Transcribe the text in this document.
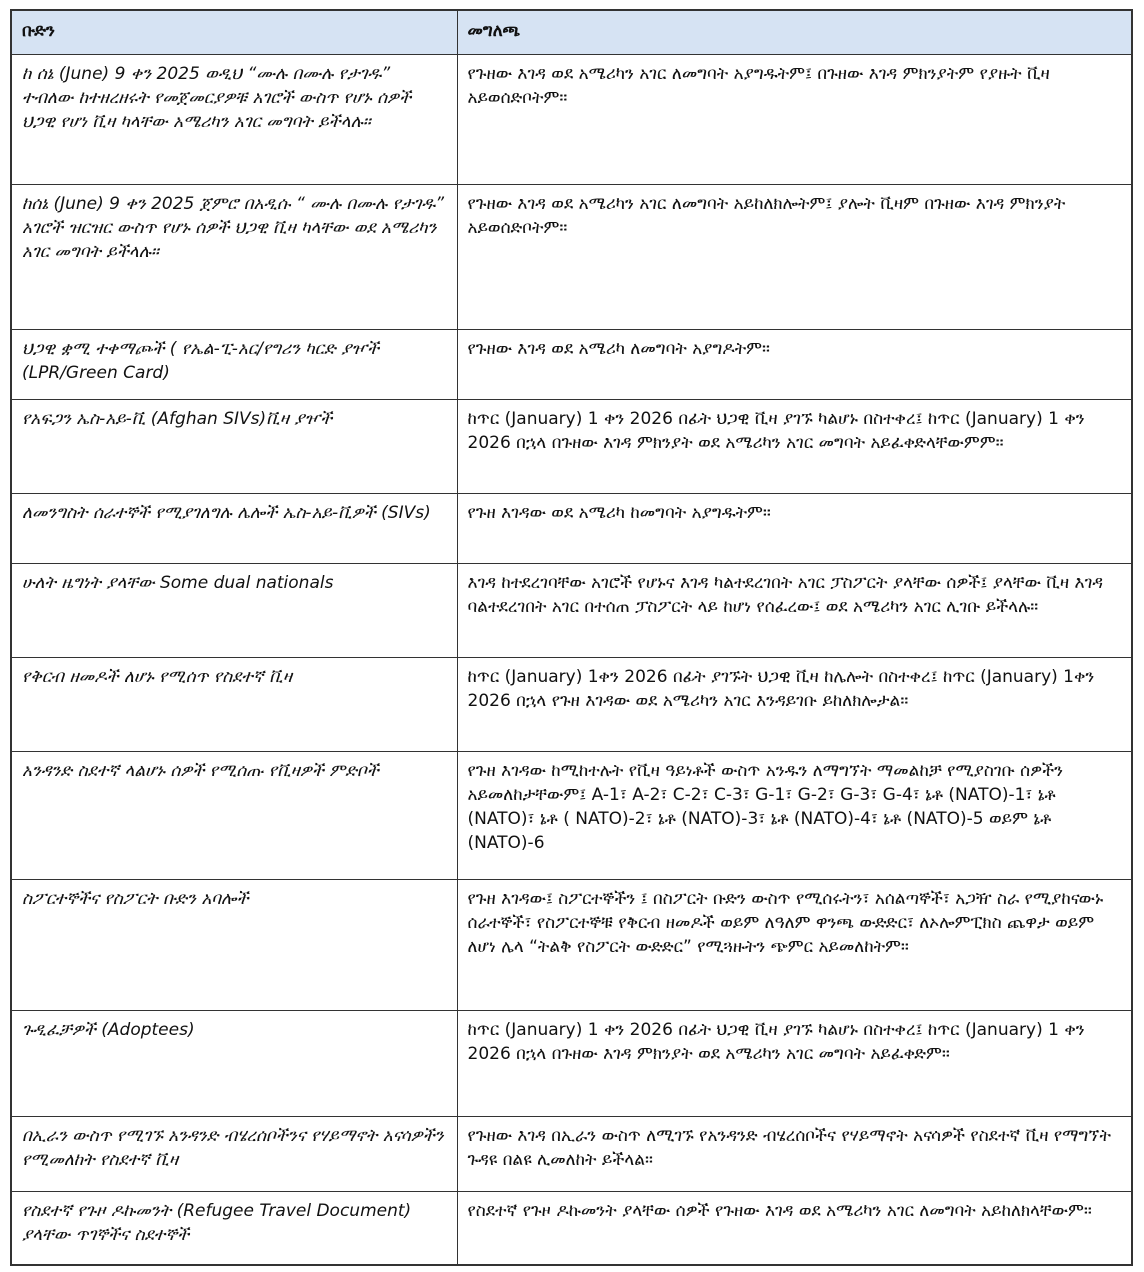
ቡድን	መግለጫ
ከ ሰኔ (June) 9 ቀን 2025 ወዲህ “ሙሉ በሙሉ የታገዱ” ተብለው ከተዘረዘሩት የመጀመርያዎቹ አገሮች ውስጥ የሆኑ ሰዎች ህጋዊ የሆነ ቪዛ ካላቸው አሜሪካን አገር መግባት ይችላሉ።	የጉዘው እገዳ ወደ አሜሪካን አገር ለመግባት አያግዱትም፤ በጉዘው እገዳ ምክንያትም የያዙት ቪዛ አይወሰድቦትም።
ከሰኔ (June) 9 ቀን 2025 ጀምሮ በአዲሱ “ ሙሉ በሙሉ የታገዱ” አገሮች ዝርዝር ውስጥ የሆኑ ሰዎች ህጋዊ ቪዛ ካላቸው ወደ አሜሪካን አገር መግባት ይችላሉ።	የጉዘው እገዳ ወደ አሜሪካን አገር ለመግባት አይከለክሎትም፤ ያሎት ቪዛም በጉዘው እገዳ ምክንያት አይወሰድቦትም።
ህጋዊ ቋሚ ተቀማጮች ( የኤል-ፒ-አር/የግሪን ካርድ ያዦች (LPR/Green Card)	የጉዘው እገዳ ወደ አሜሪካ ለመግባት አያግዶትም።
የአፍጋን ኤስ-አይ-ቪ (Afghan SIVs)ቪዛ ያዦች	ከጥር (January) 1 ቀን 2026 በፊት ህጋዊ ቪዛ ያገኙ ካልሆኑ በስተቀረ፤ ከጥር (January) 1 ቀን 2026 በኋላ በጉዘው እገዳ ምክንያት ወደ አሜሪካን አገር መግባት አይፈቀድላቸውምም።
ለመንግስት ሰራተኞች የሚያገለግሉ ሌሎች ኤስ-አይ-ቪዎች (SIVs)	የጉዘ እገዳው ወደ አሜሪካ ከመግባት አያግዱትም።
ሁለት ዜግነት ያላቸው Some dual nationals	እገዳ ከተደረገባቸው አገሮች የሆኑና እገዳ ካልተደረገበት አገር ፓስፖርት ያላቸው ሰዎች፤ ያላቸው ቪዛ እገዳ ባልተደረገበት አገር በተሰጠ ፓስፖርት ላይ ከሆነ የሰፈረው፤ ወደ አሜሪካን አገር ሊገቡ ይችላሉ።
የቅርብ ዘመዶች ለሆኑ የሚሰጥ የስደተኛ ቪዛ	ከጥር (January) 1ቀን 2026 በፊት ያገኙት ህጋዊ ቪዛ ከሌሎት በስተቀረ፤ ከጥር (January) 1ቀን 2026 በኋላ የጉዘ እገዳው ወደ አሜሪካን አገር እንዳይገቡ ይከለክሎታል።
አንዳንድ ስደተኛ ላልሆኑ ሰዎች የሚሰጡ የቪዛዎች ምድቦች	የጉዘ እገዳው ከሚከተሉት የቪዛ ዓይነቶች ውስጥ አንዱን ለማግኘት ማመልከቻ የሚያስገቡ ሰዎችን አይመለከታቸውም፤ A-1፣ A-2፣ C-2፣ C-3፣ G-1፣ G-2፣ G-3፣ G-4፣ ኔቶ (NATO)-1፣ ኔቶ (NATO)፣ ኔቶ ( NATO)-2፣ ኔቶ (NATO)-3፣ ኔቶ (NATO)-4፣ ኔቶ (NATO)-5 ወይም ኔቶ (NATO)-6
ስፖርተኞችና የስፖርት ቡድን አባሎች	የጉዘ እገዳው፤ ስፖርተኞችን ፤ በስፖርት ቡድን ውስጥ የሚሰሩትን፣ አሰልጣኞች፣ አጋዥ ስራ የሚያከናውኑ ሰራተኞች፣ የስፖርተኞቹ የቅርብ ዘመዶች ወይም ለዓለም ዋንጫ ውድድር፣ ለኦሎምፒክስ ጨዋታ ወይም ለሆነ ሌላ “ትልቅ የስፖርት ውድድር” የሚጓዙትን ጭምር አይመለከትም።
ጉዲፈቻዎች (Adoptees)	ከጥር (January) 1 ቀን 2026 በፊት ህጋዊ ቪዛ ያገኙ ካልሆኑ በስተቀረ፤ ከጥር (January) 1 ቀን 2026 በኋላ በጉዘው እገዳ ምክንያት ወደ አሜሪካን አገር መግባት አይፈቀድም።
በኢራን ውስጥ የሚገኙ አንዳንድ ብሄረሰቦችንና የሃይማኖት አናሳዎችን የሚመለከት የስደተኛ ቪዛ	የጉዘው እገዳ በኢራን ውስጥ ለሚገኙ የአንዳንድ ብሄረሰቦችና የሃይማኖት አናሳዎች የስደተኛ ቪዛ የማግኘት ጉዳዩ በልዩ ሊመለከት ይችላል።
የስደተኛ የጉዞ ዶኩመንት (Refugee Travel Document) ያላቸው ጥገኞችና ስደተኞች	የስደተኛ የጉዞ ዶኩመንት ያላቸው ሰዎች የጉዘው እገዳ ወደ አሜሪካን አገር ለመግባት አይከለክላቸውም።
